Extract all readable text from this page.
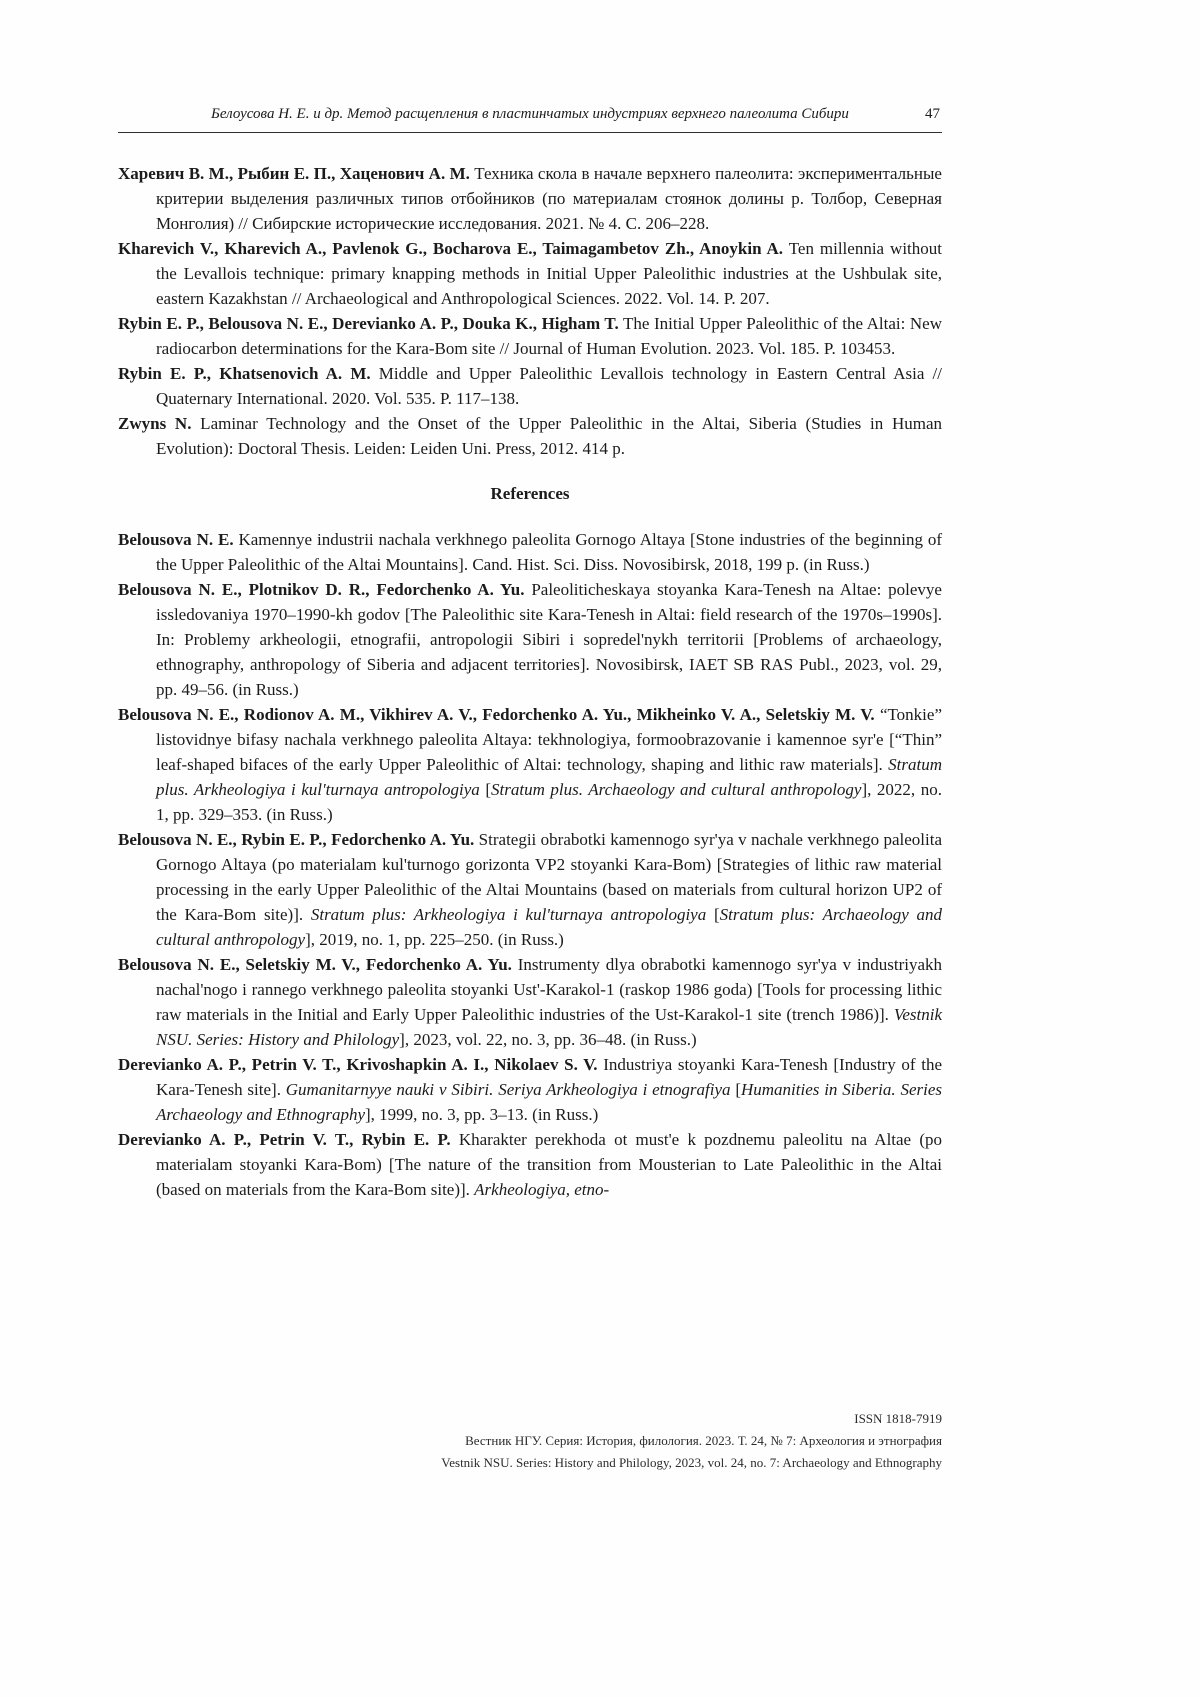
Белоусова Н. Е. и др. Метод расщепления в пластинчатых индустриях верхнего палеолита Сибири	47

Харевич В. М., Рыбин Е. П., Хаценович А. М. Техника скола в начале верхнего палеолита: экспериментальные критерии выделения различных типов отбойников (по материалам стоянок долины р. Толбор, Северная Монголия) // Сибирские исторические исследования. 2021. № 4. С. 206–228.

Kharevich V., Kharevich A., Pavlenok G., Bocharova E., Taimagambetov Zh., Anoykin A. Ten millennia without the Levallois technique: primary knapping methods in Initial Upper Paleolithic industries at the Ushbulak site, eastern Kazakhstan // Archaeological and Anthropological Sciences. 2022. Vol. 14. P. 207.

Rybin E. P., Belousova N. E., Derevianko A. P., Douka K., Higham T. The Initial Upper Paleolithic of the Altai: New radiocarbon determinations for the Kara-Bom site // Journal of Human Evolution. 2023. Vol. 185. P. 103453.

Rybin E. P., Khatsenovich A. M. Middle and Upper Paleolithic Levallois technology in Eastern Central Asia // Quaternary International. 2020. Vol. 535. P. 117–138.

Zwyns N. Laminar Technology and the Onset of the Upper Paleolithic in the Altai, Siberia (Studies in Human Evolution): Doctoral Thesis. Leiden: Leiden Uni. Press, 2012. 414 p.

References

Belousova N. E. Kamennye industrii nachala verkhnego paleolita Gornogo Altaya [Stone industries of the beginning of the Upper Paleolithic of the Altai Mountains]. Cand. Hist. Sci. Diss. Novosibirsk, 2018, 199 p. (in Russ.)

Belousova N. E., Plotnikov D. R., Fedorchenko A. Yu. Paleoliticheskaya stoyanka Kara-Tenesh na Altae: polevye issledovaniya 1970–1990-kh godov [The Paleolithic site Kara-Tenesh in Altai: field research of the 1970s–1990s]. In: Problemy arkheologii, etnografii, antropologii Sibiri i sopredel'nykh territorii [Problems of archaeology, ethnography, anthropology of Siberia and adjacent territories]. Novosibirsk, IAET SB RAS Publ., 2023, vol. 29, pp. 49–56. (in Russ.)

Belousova N. E., Rodionov A. M., Vikhirev A. V., Fedorchenko A. Yu., Mikheinko V. A., Seletskiy M. V. “Tonkie” listovidnye bifasy nachala verkhnego paleolita Altaya: tekhnologiya, formoobrazovanie i kamennoe syr'e [“Thin” leaf-shaped bifaces of the early Upper Paleolithic of Altai: technology, shaping and lithic raw materials]. Stratum plus. Arkheologiya i kul'turnaya antropologiya [Stratum plus. Archaeology and cultural anthropology], 2022, no. 1, pp. 329–353. (in Russ.)

Belousova N. E., Rybin E. P., Fedorchenko A. Yu. Strategii obrabotki kamennogo syr'ya v nachale verkhnego paleolita Gornogo Altaya (po materialam kul'turnogo gorizonta VP2 stoyanki Kara-Bom) [Strategies of lithic raw material processing in the early Upper Paleolithic of the Altai Mountains (based on materials from cultural horizon UP2 of the Kara-Bom site)]. Stratum plus: Arkheologiya i kul'turnaya antropologiya [Stratum plus: Archaeology and cultural anthropology], 2019, no. 1, pp. 225–250. (in Russ.)

Belousova N. E., Seletskiy M. V., Fedorchenko A. Yu. Instrumenty dlya obrabotki kamennogo syr'ya v industriyakh nachal'nogo i rannego verkhnego paleolita stoyanki Ust'-Karakol-1 (raskop 1986 goda) [Tools for processing lithic raw materials in the Initial and Early Upper Paleolithic industries of the Ust-Karakol-1 site (trench 1986)]. Vestnik NSU. Series: History and Philology], 2023, vol. 22, no. 3, pp. 36–48. (in Russ.)

Derevianko A. P., Petrin V. T., Krivoshapkin A. I., Nikolaev S. V. Industriya stoyanki Kara-Tenesh [Industry of the Kara-Tenesh site]. Gumanitarnyye nauki v Sibiri. Seriya Arkheologiya i etnografiya [Humanities in Siberia. Series Archaeology and Ethnography], 1999, no. 3, pp. 3–13. (in Russ.)

Derevianko A. P., Petrin V. T., Rybin E. P. Kharakter perekhoda ot must'e k pozdnemu paleolitu na Altae (po materialam stoyanki Kara-Bom) [The nature of the transition from Mousterian to Late Paleolithic in the Altai (based on materials from the Kara-Bom site)]. Arkheologiya, etno-

ISSN 1818-7919
Вестник НГУ. Серия: История, филология. 2023. Т. 24, № 7: Археология и этнография
Vestnik NSU. Series: History and Philology, 2023, vol. 24, no. 7: Archaeology and Ethnography
